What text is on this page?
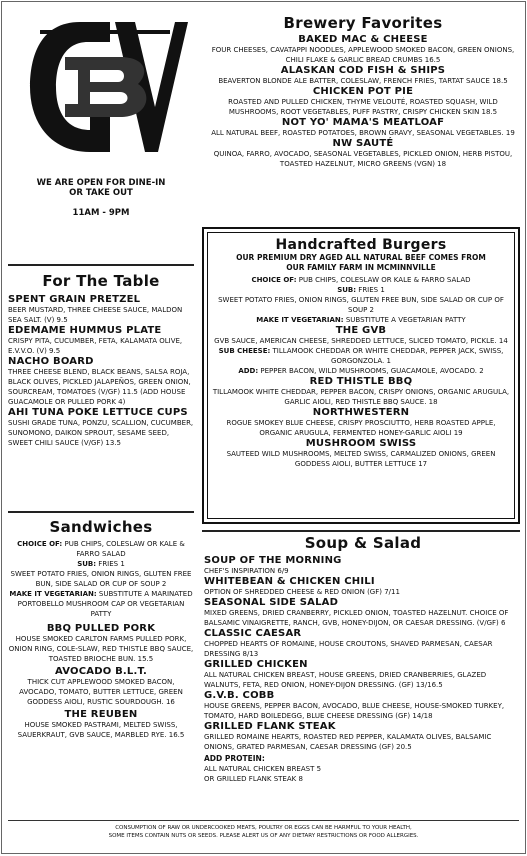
WE ARE OPEN FOR DINE-IN
OR TAKE OUT
11AM - 9PM
For The Table
SPENT GRAIN PRETZEL
BEER MUSTARD, THREE CHEESE SAUCE, MALDON SEA SALT. (V) 9.5
EDEMAME HUMMUS PLATE
CRISPY PITA, CUCUMBER, FETA, KALAMATA OLIVE, E.V.V.O. (V) 9.5
NACHO BOARD
THREE CHEESE BLEND, BLACK BEANS, SALSA ROJA, BLACK OLIVES, PICKLED JALAPEÑOS, GREEN ONION, SOURCREAM, TOMATOES (V/GF) 11.5 (ADD HOUSE GUACAMOLE OR PULLED PORK 4)
AHI TUNA POKE LETTUCE CUPS
SUSHI GRADE TUNA, PONZU, SCALLION, CUCUMBER, SUNOMONO, DAIKON SPROUT, SESAME SEED, SWEET CHILI SAUCE (V/GF) 13.5
Sandwiches
CHOICE OF: PUB CHIPS, COLESLAW OR KALE & FARRO SALAD
SUB: FRIES 1
SWEET POTATO FRIES, ONION RINGS, GLUTEN FREE BUN, SIDE SALAD OR CUP OF SOUP 2
MAKE IT VEGETARIAN: SUBSTITUTE A MARINATED PORTOBELLO MUSHROOM CAP OR VEGETARIAN PATTY
BBQ PULLED PORK
HOUSE SMOKED CARLTON FARMS PULLED PORK, ONION RING, COLE-SLAW, RED THISTLE BBQ SAUCE, TOASTED BRIOCHE BUN. 15.5
AVOCADO B.L.T.
THICK CUT APPLEWOOD SMOKED BACON, AVOCADO, TOMATO, BUTTER LETTUCE, GREEN GODDESS AIOLI, RUSTIC SOURDOUGH. 16
THE REUBEN
HOUSE SMOKED PASTRAMI, MELTED SWISS, SAUERKRAUT, GVB SAUCE, MARBLED RYE. 16.5
Brewery Favorites
BAKED MAC & CHEESE
FOUR CHEESES, CAVATAPPI NOODLES, APPLEWOOD SMOKED BACON, GREEN ONIONS, CHILI FLAKE & GARLIC BREAD CRUMBS 16.5
ALASKAN COD FISH & SHIPS
BEAVERTON BLONDE ALE BATTER, COLESLAW, FRENCH FRIES, TARTAT SAUCE 18.5
CHICKEN POT PIE
ROASTED AND PULLED CHICKEN, THYME VELOUTÉ, ROASTED SQUASH, WILD MUSHROOMS, ROOT VEGETABLES, PUFF PASTRY, CRISPY CHICKEN SKIN 18.5
NOT YO' MAMA'S MEATLOAF
ALL NATURAL BEEF, ROASTED POTATOES, BROWN GRAVY, SEASONAL VEGETABLES. 19
NW SAUTÉ
QUINOA, FARRO, AVOCADO, SEASONAL VEGETABLES, PICKLED ONION, HERB PISTOU, TOASTED HAZELNUT, MICRO GREENS (VGN) 18
Handcrafted Burgers
OUR PREMIUM DRY AGED ALL NATURAL BEEF COMES FROM
OUR FAMILY FARM IN MCMINNVILLE
CHOICE OF: PUB CHIPS, COLESLAW OR KALE & FARRO SALAD
SUB: FRIES 1
SWEET POTATO FRIES, ONION RINGS, GLUTEN FREE BUN, SIDE SALAD OR CUP OF SOUP 2
MAKE IT VEGETARIAN: SUBSTITUTE A VEGETARIAN PATTY
THE GVB
GVB SAUCE, AMERICAN CHEESE, SHREDDED LETTUCE, SLICED TOMATO, PICKLE. 14
SUB CHEESE: TILLAMOOK CHEDDAR OR WHITE CHEDDAR, PEPPER JACK, SWISS, GORGONZOLA. 1
ADD: PEPPER BACON, WILD MUSHROOMS, GUACAMOLE, AVOCADO. 2
RED THISTLE BBQ
TILLAMOOK WHITE CHEDDAR, PEPPER BACON, CRISPY ONIONS, ORGANIC ARUGULA, GARLIC AIOLI, RED THISTLE BBQ SAUCE. 18
NORTHWESTERN
ROGUE SMOKEY BLUE CHEESE, CRISPY PROSCIUTTO, HERB ROASTED APPLE, ORGANIC ARUGULA, FERMENTED HONEY-GARLIC AIOLI 19
MUSHROOM SWISS
SAUTEED WILD MUSHROOMS, MELTED SWISS, CARMALIZED ONIONS, GREEN GODDESS AIOLI, BUTTER LETTUCE 17
Soup & Salad
SOUP OF THE MORNING
CHEF'S INSPIRATION 6/9
WHITEBEAN & CHICKEN CHILI
OPTION OF SHREDDED CHEESE & RED ONION (GF) 7/11
SEASONAL SIDE SALAD
MIXED GREENS, DRIED CRANBERRY, PICKLED ONION, TOASTED HAZELNUT. CHOICE OF BALSAMIC VINAIGRETTE, RANCH, GVB, HONEY-DIJON, OR CAESAR DRESSING. (V/GF) 6
CLASSIC CAESAR
CHOPPED HEARTS OF ROMAINE, HOUSE CROUTONS, SHAVED PARMESAN, CAESAR DRESSING 8/13
GRILLED CHICKEN
ALL NATURAL CHICKEN BREAST, HOUSE GREENS, DRIED CRANBERRIES, GLAZED WALNUTS, FETA, RED ONION, HONEY-DIJON DRESSING. (GF) 13/16.5
G.V.B. COBB
HOUSE GREENS, PEPPER BACON, AVOCADO, BLUE CHEESE, HOUSE-SMOKED TURKEY, TOMATO, HARD BOILEDEGG, BLUE CHEESE DRESSING (GF) 14/18
GRILLED FLANK STEAK
GRILLED ROMAINE HEARTS, ROASTED RED PEPPER, KALAMATA OLIVES, BALSAMIC ONIONS, GRATED PARMESAN, CAESAR DRESSING (GF) 20.5
ADD PROTEIN:
ALL NATURAL CHICKEN BREAST 5
OR GRILLED FLANK STEAK 8
CONSUMPTION OF RAW OR UNDERCOOKED MEATS, POULTRY OR EGGS CAN BE HARMFUL TO YOUR HEALTH,
SOME ITEMS CONTAIN NUTS OR SEEDS. PLEASE ALERT US OF ANY DIETARY RESTRICTIONS OR FOOD ALLERGIES.
